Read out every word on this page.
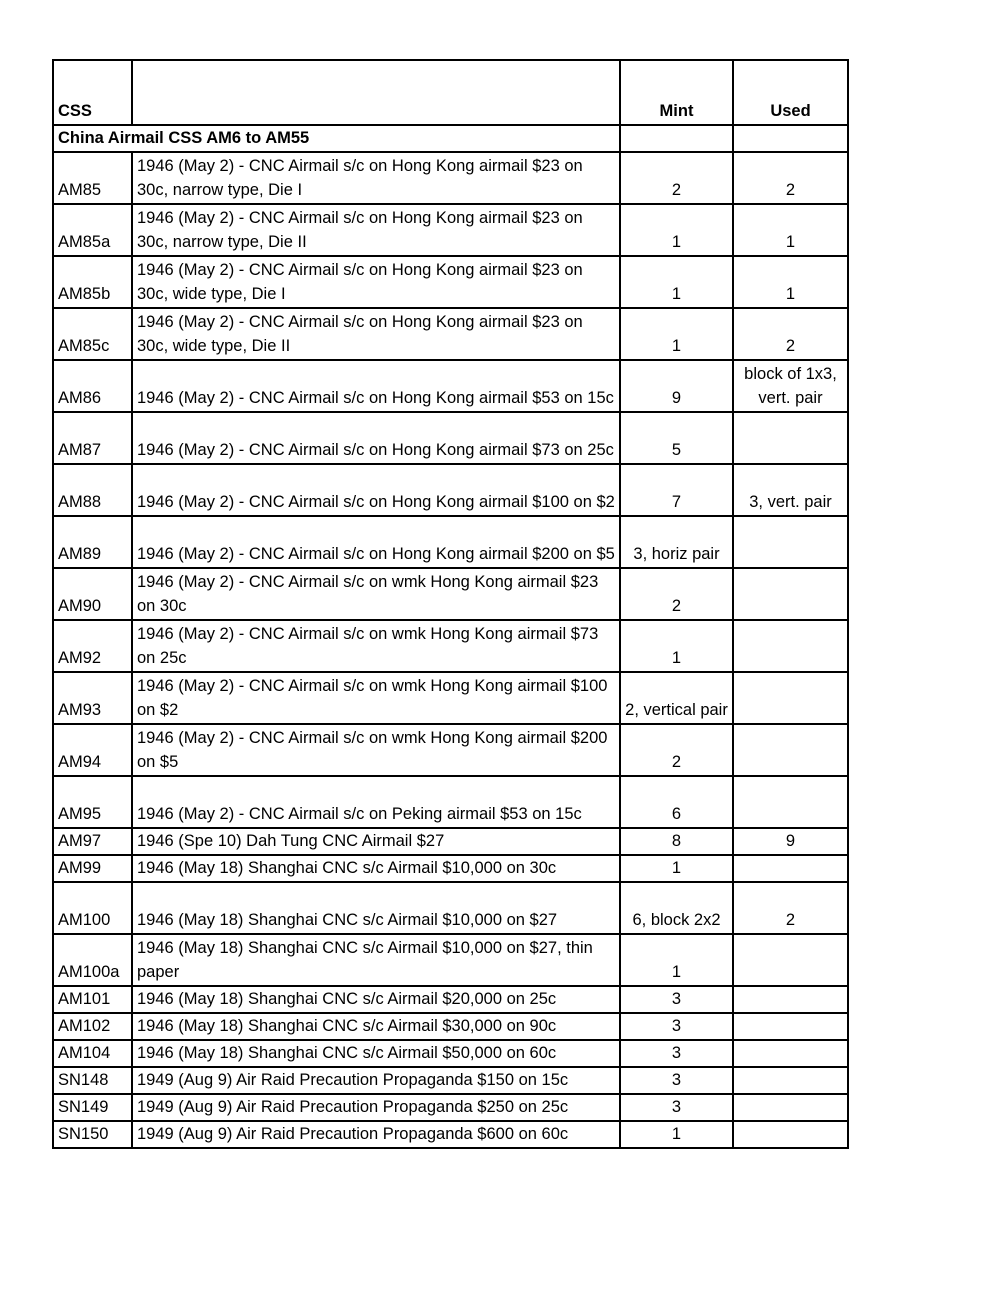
CSS		Mint	Used
China Airmail CSS AM6 to AM55			
AM85	1946 (May 2) - CNC Airmail s/c on Hong Kong airmail $23 on 30c, narrow type, Die I	2	2
AM85a	1946 (May 2) - CNC Airmail s/c on Hong Kong airmail $23 on 30c, narrow type, Die II	1	1
AM85b	1946 (May 2) - CNC Airmail s/c on Hong Kong airmail $23 on 30c, wide type, Die I	1	1
AM85c	1946 (May 2) - CNC Airmail s/c on Hong Kong airmail $23 on 30c, wide type, Die II	1	2
AM86	1946 (May 2) - CNC Airmail s/c on Hong Kong airmail $53 on 15c	9	block of 1x3, vert. pair
AM87	1946 (May 2) - CNC Airmail s/c on Hong Kong airmail $73 on 25c	5	
AM88	1946 (May 2) - CNC Airmail s/c on Hong Kong airmail $100 on $2	7	3, vert. pair
AM89	1946 (May 2) - CNC Airmail s/c on Hong Kong airmail $200 on $5	3, horiz pair	
AM90	1946 (May 2) - CNC Airmail s/c on wmk Hong Kong airmail $23 on 30c	2	
AM92	1946 (May 2) - CNC Airmail s/c on wmk Hong Kong airmail $73 on 25c	1	
AM93	1946 (May 2) - CNC Airmail s/c on wmk Hong Kong airmail $100 on $2	2, vertical pair	
AM94	1946 (May 2) - CNC Airmail s/c on wmk Hong Kong airmail $200 on $5	2	
AM95	1946 (May 2) - CNC Airmail s/c on Peking airmail $53 on 15c	6	
AM97	1946 (Spe 10) Dah Tung CNC Airmail $27	8	9
AM99	1946 (May 18) Shanghai CNC s/c Airmail $10,000 on 30c	1	
AM100	1946 (May 18) Shanghai CNC s/c Airmail $10,000 on $27	6, block 2x2	2
AM100a	1946 (May 18) Shanghai CNC s/c Airmail $10,000 on $27, thin paper	1	
AM101	1946 (May 18) Shanghai CNC s/c Airmail $20,000 on 25c	3	
AM102	1946 (May 18) Shanghai CNC s/c Airmail $30,000 on 90c	3	
AM104	1946 (May 18) Shanghai CNC s/c Airmail $50,000 on 60c	3	
SN148	1949 (Aug 9) Air Raid Precaution Propaganda $150 on 15c	3	
SN149	1949 (Aug 9) Air Raid Precaution Propaganda $250 on 25c	3	
SN150	1949 (Aug 9) Air Raid Precaution Propaganda $600 on 60c	1	
